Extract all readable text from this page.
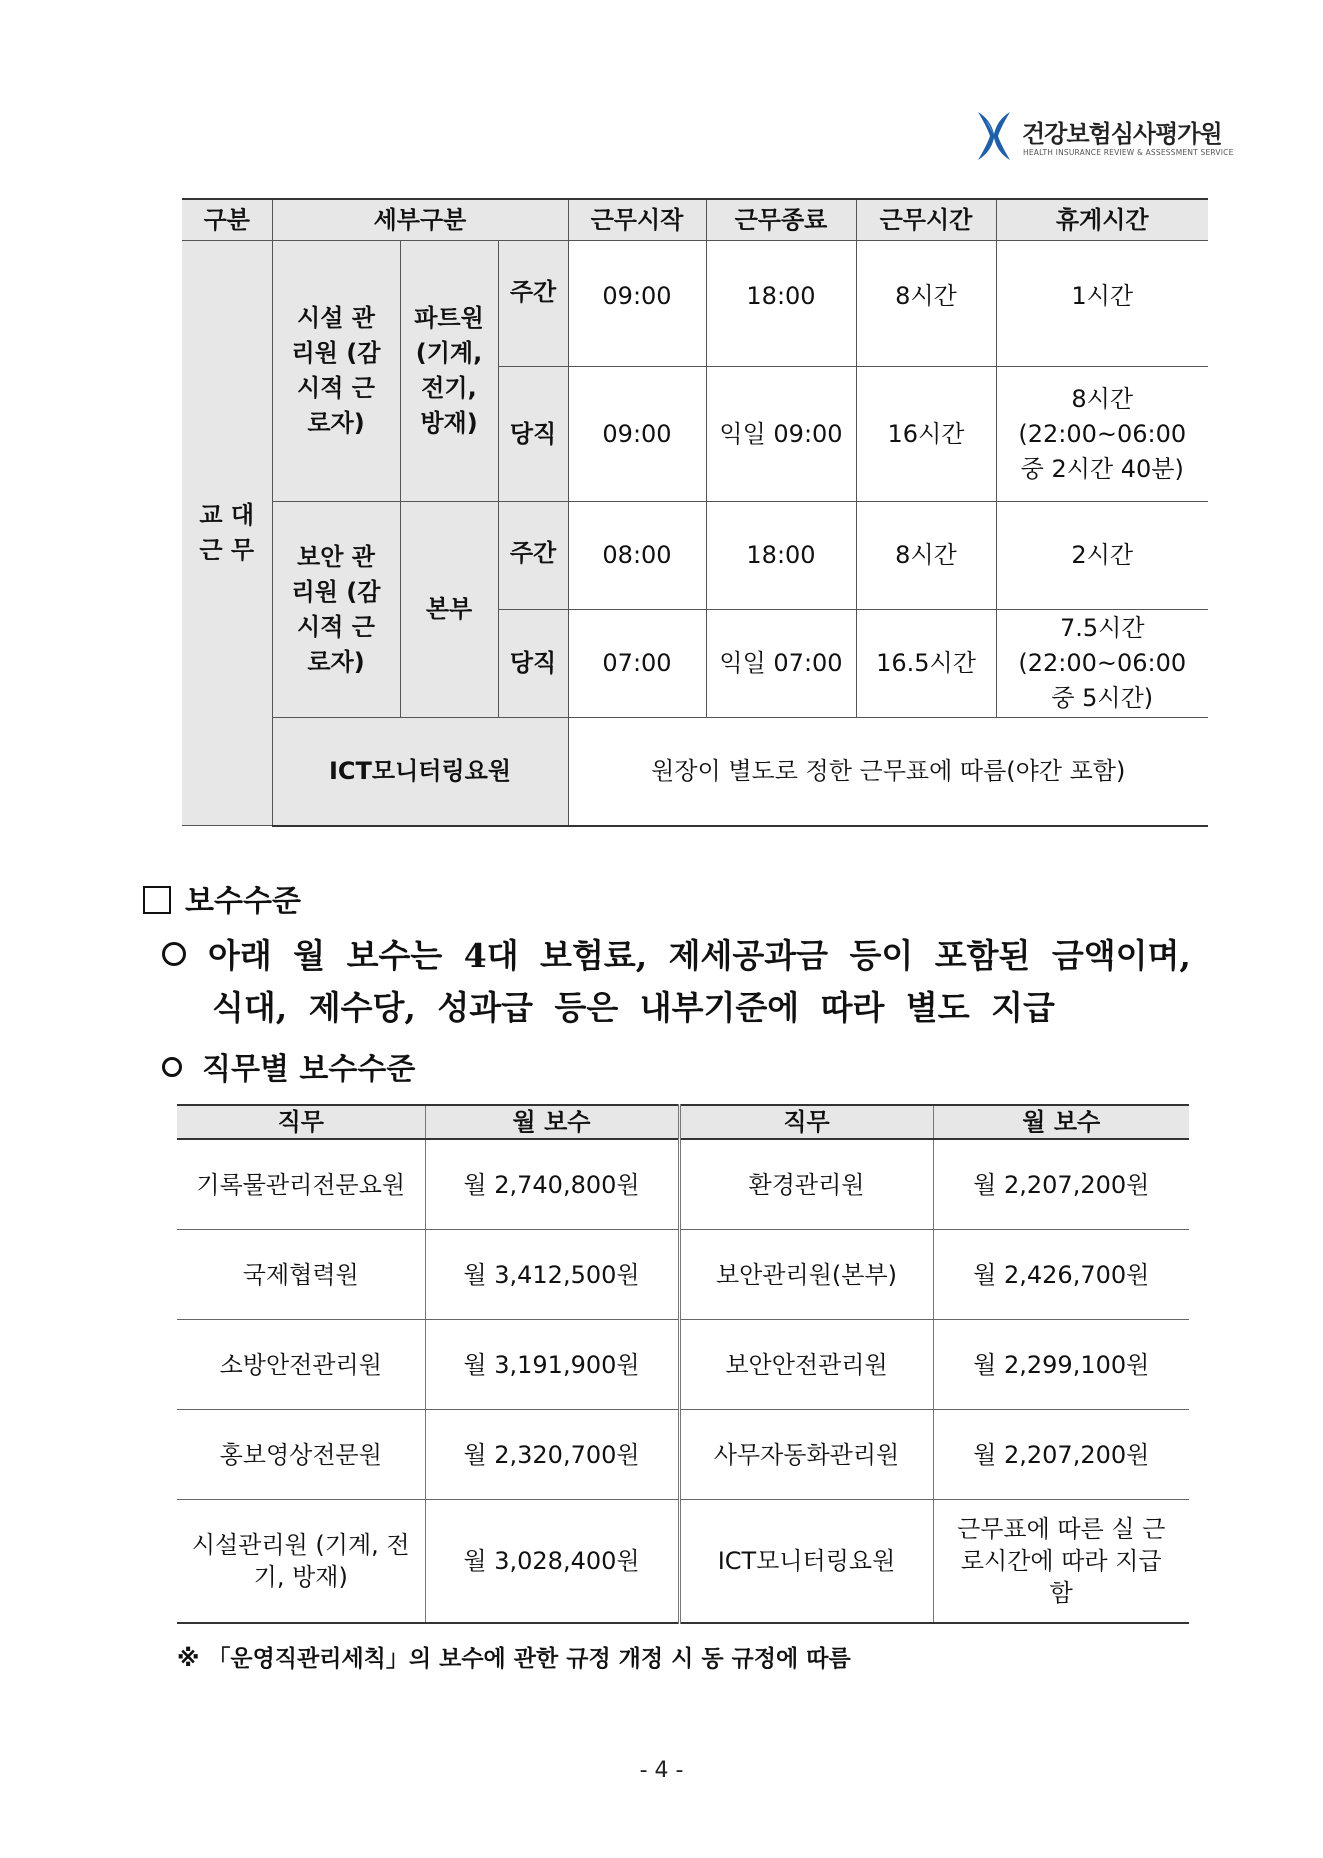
건강보험심사평가원
HEALTH INSURANCE REVIEW & ASSESSMENT SERVICE
구분	세부구분			근무시작	근무종료	근무시간	휴게시간

교 대 근 무	시설 관리원 (감시적 근로자)	파트원 (기계, 전기, 방재)	주간	09:00	18:00	8시간	1시간
			당직	09:00	익일 09:00	16시간	8시간 (22:00~06:00 중 2시간 40분)

	보안 관리원 (감시적 근로자)	본부	주간	08:00	18:00	8시간	2시간
			당직	07:00	익일 07:00	16.5시간	7.5시간 (22:00~06:00 중 5시간)

	ICT모니터링요원			원장이 별도로 정한 근무표에 따름(야간 포함)			
보수수준
아래 월 보수는 4대 보험료, 제세공과금 등이 포함된 금액이며,
식대, 제수당, 성과급 등은 내부기준에 따라 별도 지급
직무별 보수수준
직무	월 보수	직무	월 보수
기록물관리전문요원	월 2,740,800원	환경관리원	월 2,207,200원
국제협력원	월 3,412,500원	보안관리원(본부)	월 2,426,700원
소방안전관리원	월 3,191,900원	보안안전관리원	월 2,299,100원
홍보영상전문원	월 2,320,700원	사무자동화관리원	월 2,207,200원

시설관리원 (기계, 전기, 방재)	월 3,028,400원	ICT모니터링요원	근무표에 따른 실 근로시간에 따라 지급함
※ 「운영직관리세칙」의 보수에 관한 규정 개정 시 동 규정에 따름
- 4 -
